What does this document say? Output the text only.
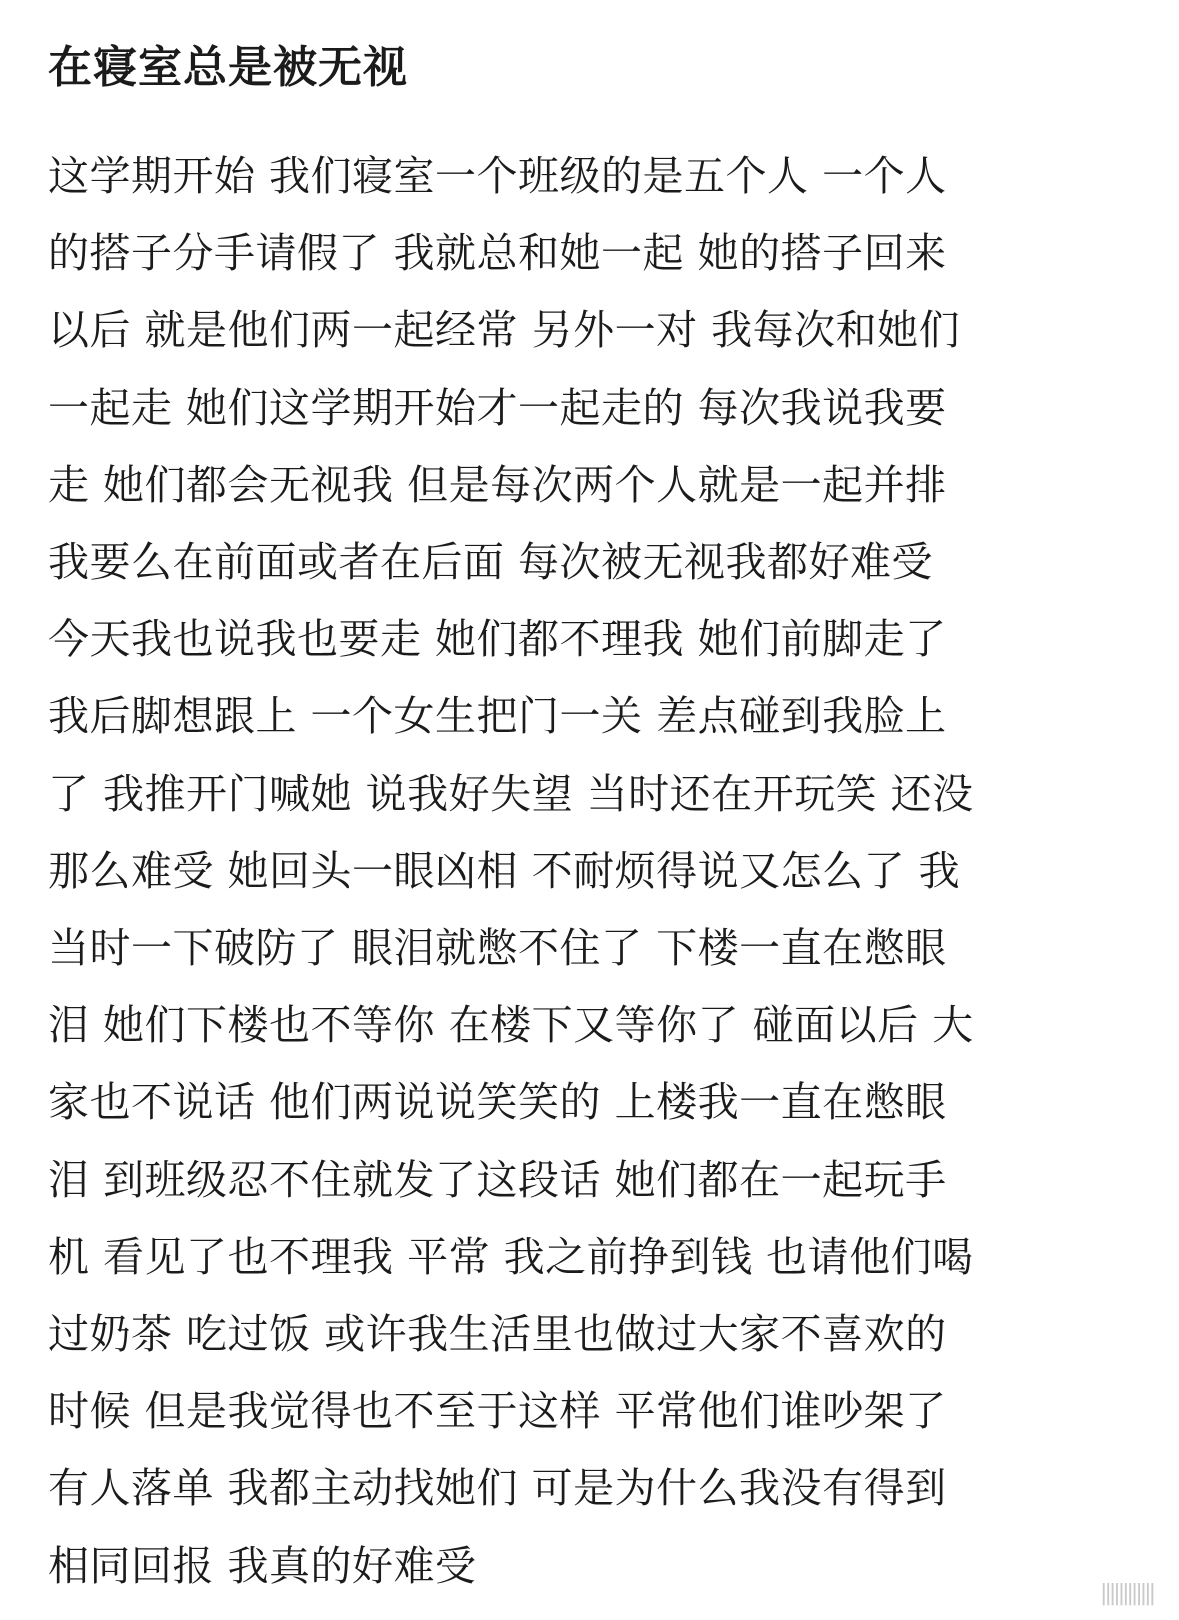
在寝室总是被无视
这学期开始 我们寝室一个班级的是五个人 一个人
的搭子分手请假了 我就总和她一起 她的搭子回来
以后 就是他们两一起经常 另外一对 我每次和她们
一起走 她们这学期开始才一起走的 每次我说我要
走 她们都会无视我 但是每次两个人就是一起并排
我要么在前面或者在后面 每次被无视我都好难受
今天我也说我也要走 她们都不理我 她们前脚走了
我后脚想跟上 一个女生把门一关 差点碰到我脸上
了 我推开门喊她 说我好失望 当时还在开玩笑 还没
那么难受 她回头一眼凶相 不耐烦得说又怎么了 我
当时一下破防了 眼泪就憋不住了 下楼一直在憋眼
泪 她们下楼也不等你 在楼下又等你了 碰面以后 大
家也不说话 他们两说说笑笑的 上楼我一直在憋眼
泪 到班级忍不住就发了这段话 她们都在一起玩手
机 看见了也不理我 平常 我之前挣到钱 也请他们喝
过奶茶 吃过饭 或许我生活里也做过大家不喜欢的
时候 但是我觉得也不至于这样 平常他们谁吵架了
有人落单 我都主动找她们 可是为什么我没有得到
相同回报 我真的好难受
||||||||||||
